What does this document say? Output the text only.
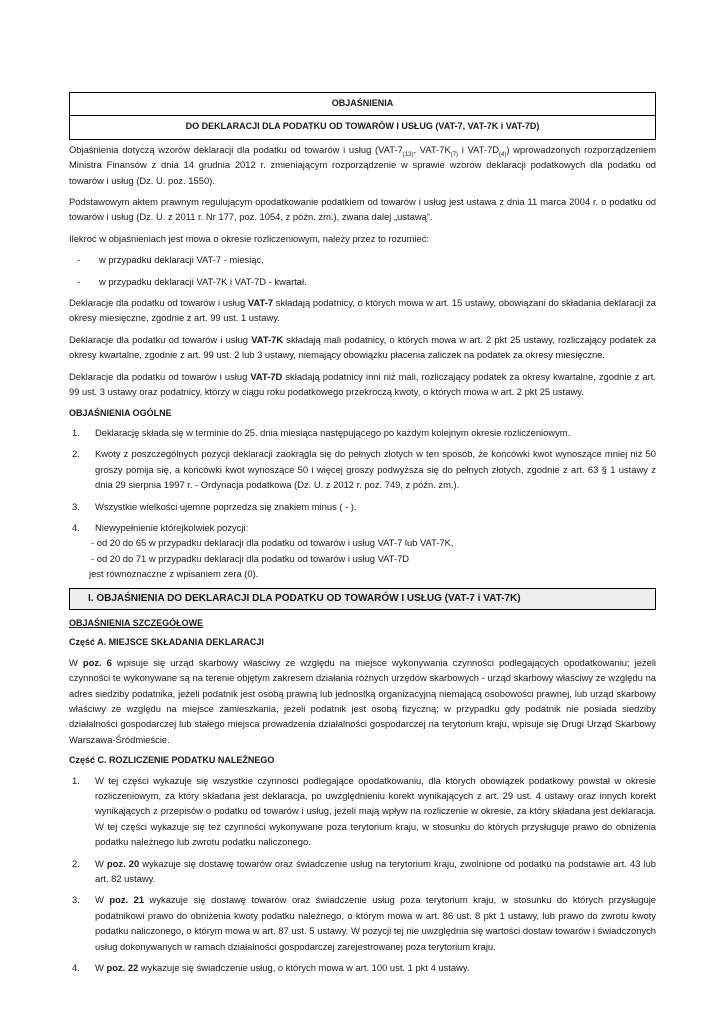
OBJAŚNIENIA
DO DEKLARACJI DLA PODATKU OD TOWARÓW I USŁUG (VAT-7, VAT-7K i VAT-7D)

Objaśnienia dotyczą wzorów deklaracji dla podatku od towarów i usług ($VAT-7_{(13)}$, VAT-$7K_{(7)}$ i VAT-$7D_{(4)}$) wprowadzonych rozporządzeniem Ministra Finansów z dnia 14 grudnia 2012 r. zmieniającym rozporządzenie w sprawie wzorów deklaracji podatkowych dla podatku od towarów i usług (Dz. U. poz. 1550).

Podstawowym aktem prawnym regulującym opodatkowanie podatkiem od towarów i usług jest ustawa z dnia 11 marca 2004 r. o podatku od towarów i usług (Dz. U. z 2011 r. Nr 177, poz. 1054, z późn. zm.), zwana dalej „ustawą”.

Ilekroć w objaśnieniach jest mowa o okresie rozliczeniowym, należy przez to rozumieć:

- w przypadku deklaracji VAT-7 - miesiąc,
- w przypadku deklaracji VAT-7K i VAT-7D - kwartał.

Deklaracje dla podatku od towarów i usług VAT-7 składają podatnicy, o których mowa w art. 15 ustawy, obowiązani do składania deklaracji za okresy miesięczne, zgodnie z art. 99 ust. 1 ustawy.

Deklaracje dla podatku od towarów i usług VAT-7K składają mali podatnicy, o których mowa w art. 2 pkt 25 ustawy, rozliczający podatek za okresy kwartalne, zgodnie z art. 99 ust. 2 lub 3 ustawy, niemający obowiązku płacenia zaliczek na podatek za okresy miesięczne.

Deklaracje dla podatku od towarów i usług VAT-7D składają podatnicy inni niż mali, rozliczający podatek za okresy kwartalne, zgodnie z art. 99 ust. 3 ustawy oraz podatnicy, którzy w ciągu roku podatkowego przekroczą kwoty, o których mowa w art. 2 pkt 25 ustawy.

OBJAŚNIENIA OGÓLNE
1. Deklarację składa się w terminie do 25. dnia miesiąca następującego po każdym kolejnym okresie rozliczeniowym.
2. Kwoty z poszczególnych pozycji deklaracji zaokrągla się do pełnych złotych w ten sposób, że końcówki kwot wynoszące mniej niż 50 groszy pomija się, a końcówki kwot wynoszące 50 i więcej groszy podwyższa się do pełnych złotych, zgodnie z art. 63 § 1 ustawy z dnia 29 sierpnia 1997 r. - Ordynacja podatkowa (Dz. U. z 2012 r. poz. 749, z późn. zm.).
3. Wszystkie wielkości ujemne poprzedza się znakiem minus ( - ).
4. Niewypełnienie którejkolwiek pozycji:
- od 20 do 65 w przypadku deklaracji dla podatku od towarów i usług VAT-7 lub VAT-7K,
- od 20 do 71 w przypadku deklaracji dla podatku od towarów i usług VAT-7D
jest równoznaczne z wpisaniem zera (0).
I. OBJAŚNIENIA DO DEKLARACJI DLA PODATKU OD TOWARÓW I USŁUG (VAT-7 i VAT-7K)
OBJAŚNIENIA SZCZEGÓŁOWE
Część A. MIEJSCE SKŁADANIA DEKLARACJI

W poz. 6 wpisuje się urząd skarbowy właściwy ze względu na miejsce wykonywania czynności podlegających opodatkowaniu; jeżeli czynności te wykonywane są na terenie objętym zakresem działania różnych urzędów skarbowych - urząd skarbowy właściwy ze względu na adres siedziby podatnika, jeżeli podatnik jest osobą prawną lub jednostką organizacyjną niemającą osobowości prawnej, lub urząd skarbowy właściwy ze względu na miejsce zamieszkania, jeżeli podatnik jest osobą fizyczną; w przypadku gdy podatnik nie posiada siedziby działalności gospodarczej lub stałego miejsca prowadzenia działalności gospodarczej na terytorium kraju, wpisuje się Drugi Urząd Skarbowy Warszawa-Śródmieście.

Część C. ROZLICZENIE PODATKU NALEŻNEGO
1. W tej części wykazuje się wszystkie czynności podlegające opodatkowaniu, dla których obowiązek podatkowy powstał w okresie rozliczeniowym, za który składana jest deklaracja, po uwzględnieniu korekt wynikających z art. 29 ust. 4 ustawy oraz innych korekt wynikających z przepisów o podatku od towarów i usług, jeżeli mają wpływ na rozliczenie w okresie, za który składana jest deklaracja. W tej części wykazuje się też czynności wykonywane poza terytorium kraju, w stosunku do których przysługuje prawo do obniżenia podatku należnego lub zwrotu podatku naliczonego.
2. W poz. 20 wykazuje się dostawę towarów oraz świadczenie usług na terytorium kraju, zwolnione od podatku na podstawie art. 43 lub art. 82 ustawy.
3. W poz. 21 wykazuje się dostawę towarów oraz świadczenie usług poza terytorium kraju, w stosunku do których przysługuje podatnikowi prawo do obniżenia kwoty podatku należnego, o którym mowa w art. 86 ust. 8 pkt 1 ustawy, lub prawo do zwrotu kwoty podatku naliczonego, o którym mowa w art. 87 ust. 5 ustawy. W pozycji tej nie uwzględnia się wartości dostaw towarów i świadczonych usług dokonywanych w ramach działalności gospodarczej zarejestrowanej poza terytorium kraju.
4. W poz. 22 wykazuje się świadczenie usług, o których mowa w art. 100 ust. 1 pkt 4 ustawy.
